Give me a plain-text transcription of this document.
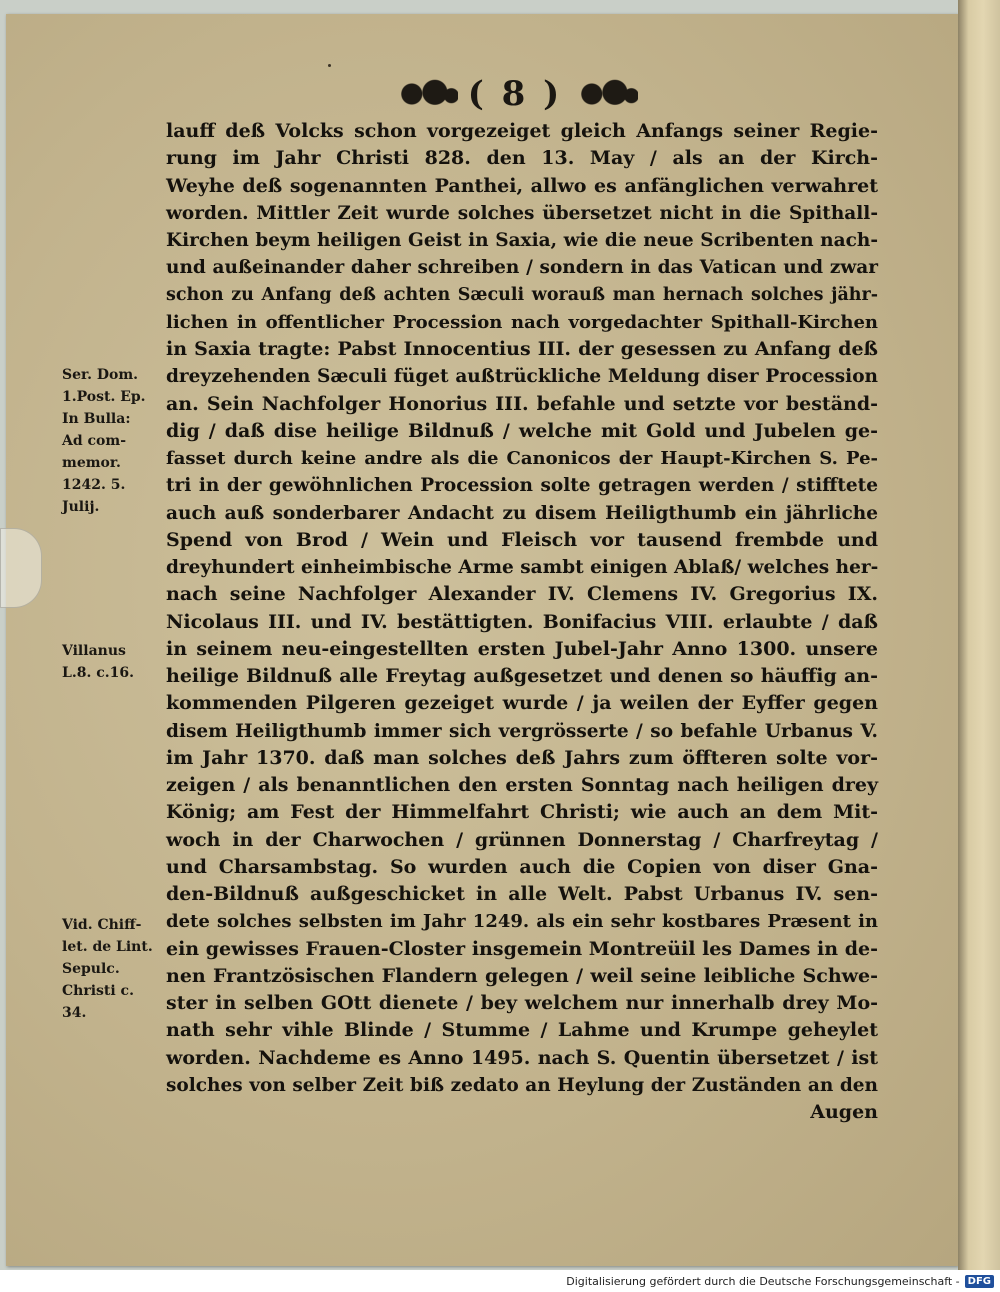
( 8 )
lauff deß Volcks schon vorgezeiget gleich Anfangs seiner Regie-
rung im Jahr Christi 828. den 13. May / als an der Kirch-
Weyhe deß sogenannten Panthei, allwo es anfänglichen verwahret
worden. Mittler Zeit wurde solches übersetzet nicht in die Spithall-
Kirchen beym heiligen Geist in Saxia, wie die neue Scribenten nach-
und außeinander daher schreiben / sondern in das Vatican und zwar
schon zu Anfang deß achten Sæculi worauß man hernach solches jähr-
lichen in offentlicher Procession nach vorgedachter Spithall-Kirchen
in Saxia tragte: Pabst Innocentius III. der gesessen zu Anfang deß
dreyzehenden Sæculi füget außtrückliche Meldung diser Procession
an. Sein Nachfolger Honorius III. befahle und setzte vor beständ-
dig / daß dise heilige Bildnuß / welche mit Gold und Jubelen ge-
fasset durch keine andre als die Canonicos der Haupt-Kirchen S. Pe-
tri in der gewöhnlichen Procession solte getragen werden / stifftete
auch auß sonderbarer Andacht zu disem Heiligthumb ein jährliche
Spend von Brod / Wein und Fleisch vor tausend frembde und
dreyhundert einheimbische Arme sambt einigen Ablaß/ welches her-
nach seine Nachfolger Alexander IV. Clemens IV. Gregorius IX.
Nicolaus III. und IV. bestättigten. Bonifacius VIII. erlaubte / daß
in seinem neu-eingestellten ersten Jubel-Jahr Anno 1300. unsere
heilige Bildnuß alle Freytag außgesetzet und denen so häuffig an-
kommenden Pilgeren gezeiget wurde / ja weilen der Eyffer gegen
disem Heiligthumb immer sich vergrösserte / so befahle Urbanus V.
im Jahr 1370. daß man solches deß Jahrs zum öffteren solte vor-
zeigen / als benanntlichen den ersten Sonntag nach heiligen drey
König; am Fest der Himmelfahrt Christi; wie auch an dem Mit-
woch in der Charwochen / grünnen Donnerstag / Charfreytag /
und Charsambstag. So wurden auch die Copien von diser Gna-
den-Bildnuß außgeschicket in alle Welt. Pabst Urbanus IV. sen-
dete solches selbsten im Jahr 1249. als ein sehr kostbares Præsent in
ein gewisses Frauen-Closter insgemein Montreüil les Dames in de-
nen Frantzösischen Flandern gelegen / weil seine leibliche Schwe-
ster in selben GOtt dienete / bey welchem nur innerhalb drey Mo-
nath sehr vihle Blinde / Stumme / Lahme und Krumpe geheylet
worden. Nachdeme es Anno 1495. nach S. Quentin übersetzet / ist
solches von selber Zeit biß zedato an Heylung der Zuständen an den
Augen
Ser. Dom.
1.Post. Ep.
In Bulla:
Ad com-
memor.
1242. 5.
Julij.
Villanus
L.8. c.16.
Vid. Chiff-
let. de Lint.
Sepulc.
Christi c.
34.
Digitalisierung gefördert durch die Deutsche Forschungsgemeinschaft - DFG
